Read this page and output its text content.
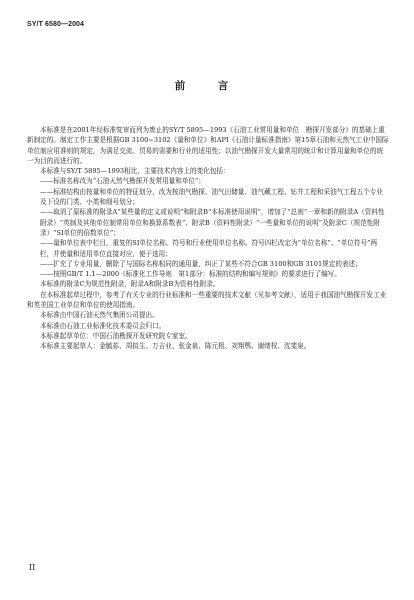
SY/T 6580—2004
前　言

本标准是在2001年经标准复审而列为废止的SY/T 5895—1993《石油工业常用量和单位　勘探开发部分》的基础上重新制定的。制定工作主要是根据GB 3100~3102《量和单位》和API《石油计量标准指南》第15章石油和天然气工业中国际单位制应用准则的规定，为满足交流、贸易的需要和行业的适用性；以油气勘探开发大量常用的统计和计算用量和单位的统一为目的而进行的。

本标准与SY/T 5895—1993相比，主要技术内容上的变化包括：

——标准名称改为“石油天然气勘探开发常用量和单位”；

——标准结构由按量和单位的特征划分，改为按油气勘探、油气田储量、油气藏工程、钻井工程和采油气工程五个专业及下设的门类、小类和细号划分；

——取消了原标准的附录A“某些量的定义或说明”和附录B“本标准使用说明”，增加了“总则”一章和新的附录A（资料性附录）“英制及其他单位制常用单位和换算系数表”、附录B（资料性附录）“一些量和单位的说明”及附录C（规范性附录）“SI单位的倍数单位”；

——量和单位表中栏目，重复的SI单位名称、符号和行业使用单位名称、符号四栏改定为“单位名称”、“单位符号”两栏，并使量和适用单位直接对应，便于选用；

——扩充了专业用量，删除了与国际名称相同的通用量，纠正了某些不符合GB 3100和GB 3101规定的表述；

——按照GB/T 1.1—2000《标准化工作导则　第1部分：标准的结构和编写规则》的要求进行了编写。

本标准的附录C为规范性附录，附录A和附录B为资料性附录。

在本标准起草过程中，参考了有关专业的行业标准和一些重要的技术文献（见参考文献），适用于我国油气勘探开发工业和英美国工业单位和单位的使用指南。

本标准由中国石油天然气集团公司提出。

本标准由石油工业标准化技术委员会归口。

本标准起草单位：中国石油勘探开发研究院专家室。

本标准主要起草人：金毓荪、周拟生、万吉业、张金泉、陈元根、刘翔鹗、谢绪权、沈斐泉。

II
